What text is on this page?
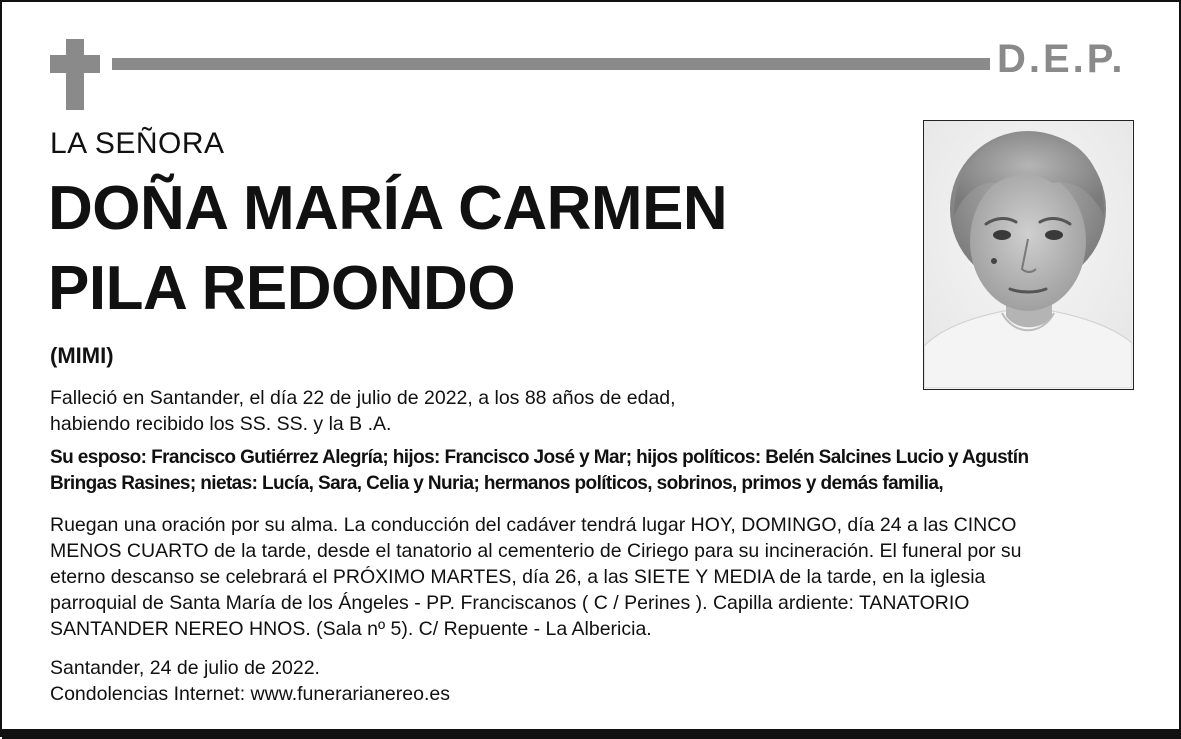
D.E.P.
LA SEÑORA
DOÑA MARÍA CARMEN
PILA REDONDO
(MIMI)
Falleció en Santander, el día 22 de julio de 2022, a los 88 años de edad,
habiendo recibido los SS. SS. y la B .A.
Su esposo: Francisco Gutiérrez Alegría; hijos: Francisco José y Mar; hijos políticos: Belén Salcines Lucio y Agustín
Bringas Rasines; nietas: Lucía, Sara, Celia y Nuria; hermanos políticos, sobrinos, primos y demás familia,
Ruegan una oración por su alma. La conducción del cadáver tendrá lugar HOY, DOMINGO, día 24 a las CINCO
MENOS CUARTO de la tarde, desde el tanatorio al cementerio de Ciriego para su incineración. El funeral por su
eterno descanso se celebrará el PRÓXIMO MARTES, día 26, a las SIETE Y MEDIA de la tarde, en la iglesia
parroquial de Santa María de los Ángeles - PP. Franciscanos ( C / Perines ). Capilla ardiente: TANATORIO
SANTANDER NEREO HNOS. (Sala nº 5). C/ Repuente - La Albericia.
Santander, 24 de julio de 2022.
Condolencias Internet: www.funerarianereo.es
